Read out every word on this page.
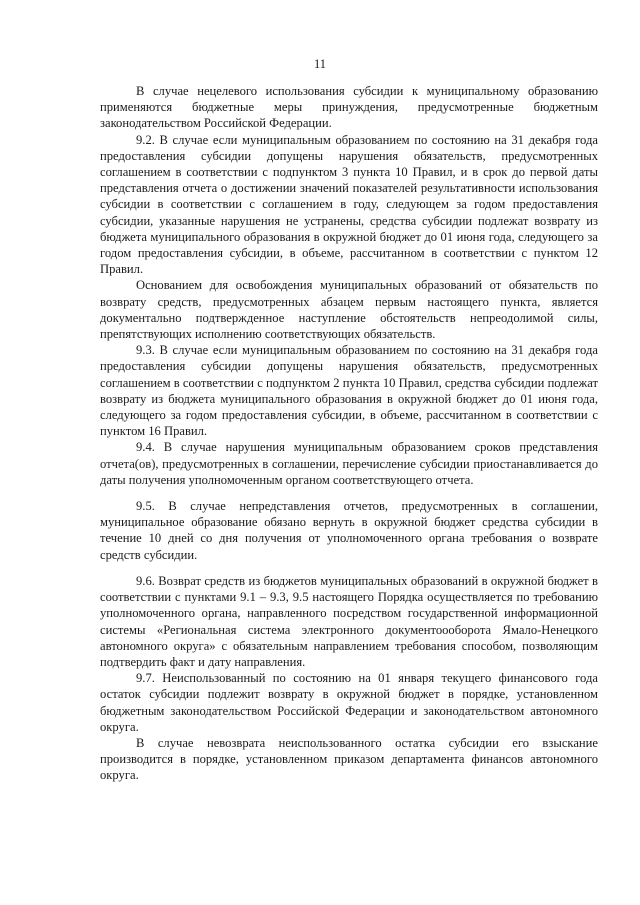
11

В случае нецелевого использования субсидии к муниципальному образованию применяются бюджетные меры принуждения, предусмотренные бюджетным законодательством Российской Федерации.

9.2. В случае если муниципальным образованием по состоянию на 31 декабря года предоставления субсидии допущены нарушения обязательств, предусмотренных соглашением в соответствии с подпунктом 3 пункта 10 Правил, и в срок до первой даты представления отчета о достижении значений показателей результативности использования субсидии в соответствии с соглашением в году, следующем за годом предоставления субсидии, указанные нарушения не устранены, средства субсидии подлежат возврату из бюджета муниципального образования в окружной бюджет до 01 июня года, следующего за годом предоставления субсидии, в объеме, рассчитанном в соответствии с пунктом 12 Правил.

Основанием для освобождения муниципальных образований от обязательств по возврату средств, предусмотренных абзацем первым настоящего пункта, является документально подтвержденное наступление обстоятельств непреодолимой силы, препятствующих исполнению соответствующих обязательств.

9.3. В случае если муниципальным образованием по состоянию на 31 декабря года предоставления субсидии допущены нарушения обязательств, предусмотренных соглашением в соответствии с подпунктом 2 пункта 10 Правил, средства субсидии подлежат возврату из бюджета муниципального образования в окружной бюджет до 01 июня года, следующего за годом предоставления субсидии, в объеме, рассчитанном в соответствии с пунктом 16 Правил.

9.4. В случае нарушения муниципальным образованием сроков представления отчета(ов), предусмотренных в соглашении, перечисление субсидии приостанавливается до даты получения уполномоченным органом соответствующего отчета.

9.5. В случае непредставления отчетов, предусмотренных в соглашении, муниципальное образование обязано вернуть в окружной бюджет средства субсидии в течение 10 дней со дня получения от уполномоченного органа требования о возврате средств субсидии.

9.6. Возврат средств из бюджетов муниципальных образований в окружной бюджет в соответствии с пунктами 9.1 – 9.3, 9.5 настоящего Порядка осуществляется по требованию уполномоченного органа, направленного посредством государственной информационной системы «Региональная система электронного документоооборота Ямало-Ненецкого автономного округа» с обязательным направлением требования способом, позволяющим подтвердить факт и дату направления.

9.7. Неиспользованный по состоянию на 01 января текущего финансового года остаток субсидии подлежит возврату в окружной бюджет в порядке, установленном бюджетным законодательством Российской Федерации и законодательством автономного округа.

В случае невозврата неиспользованного остатка субсидии его взыскание производится в порядке, установленном приказом департамента финансов автономного округа.
